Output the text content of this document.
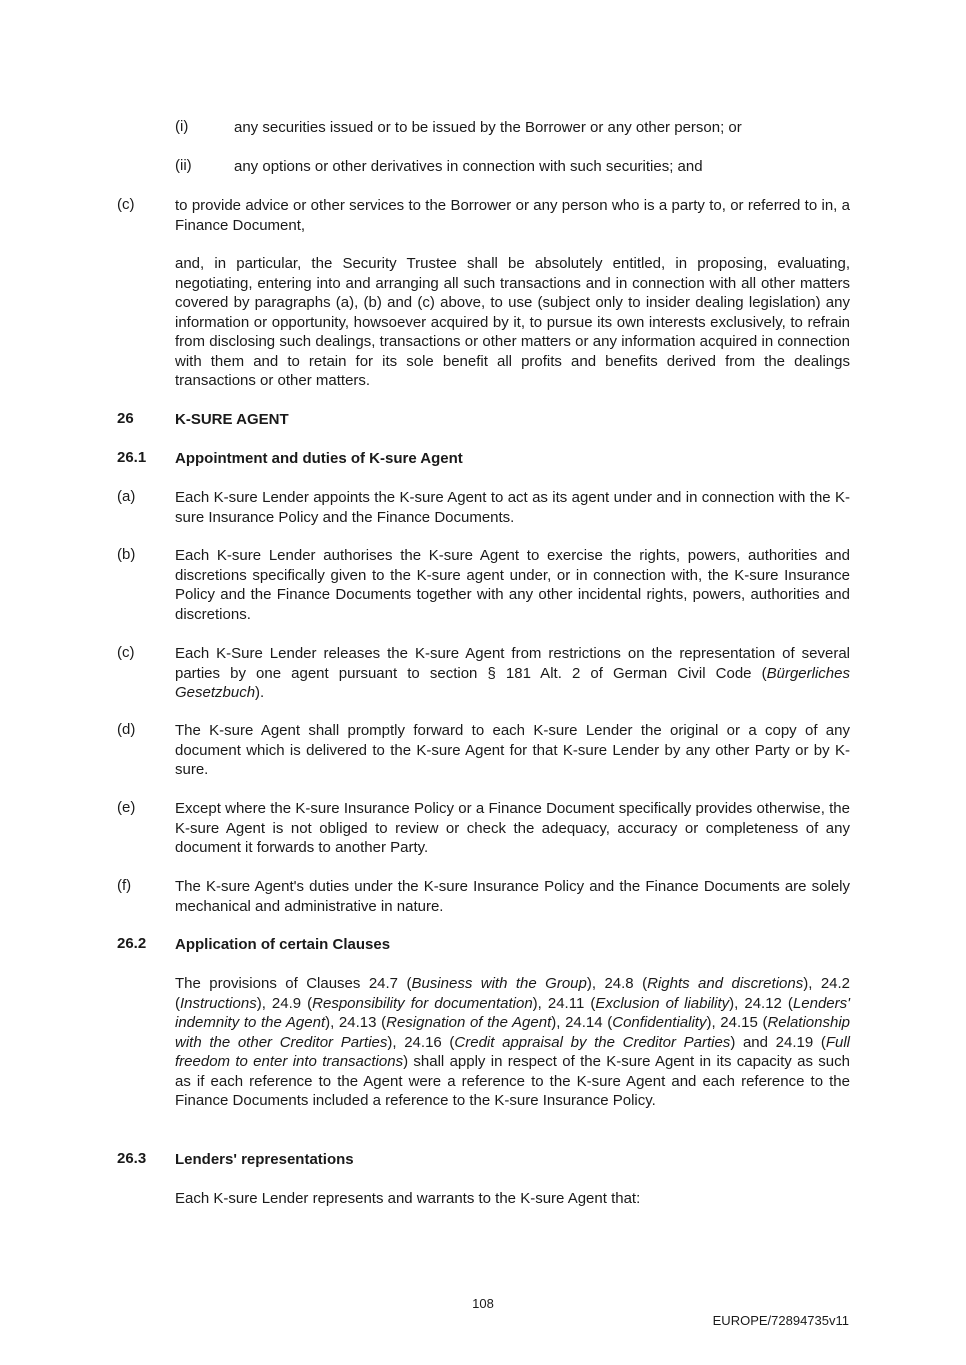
(i)	any securities issued or to be issued by the Borrower or any other person; or
(ii)	any options or other derivatives in connection with such securities; and
(c)	to provide advice or other services to the Borrower or any person who is a party to, or referred to in, a Finance Document,
and, in particular, the Security Trustee shall be absolutely entitled, in proposing, evaluating, negotiating, entering into and arranging all such transactions and in connection with all other matters covered by paragraphs (a), (b) and (c) above, to use (subject only to insider dealing legislation) any information or opportunity, howsoever acquired by it, to pursue its own interests exclusively, to refrain from disclosing such dealings, transactions or other matters or any information acquired in connection with them and to retain for its sole benefit all profits and benefits derived from the dealings transactions or other matters.
26	K-SURE AGENT
26.1 Appointment and duties of K-sure Agent
(a)	Each K-sure Lender appoints the K-sure Agent to act as its agent under and in connection with the K-sure Insurance Policy and the Finance Documents.
(b)	Each K-sure Lender authorises the K-sure Agent to exercise the rights, powers, authorities and discretions specifically given to the K-sure agent under, or in connection with, the K-sure Insurance Policy and the Finance Documents together with any other incidental rights, powers, authorities and discretions.
(c)	Each K-Sure Lender releases the K-sure Agent from restrictions on the representation of several parties by one agent pursuant to section § 181 Alt. 2 of German Civil Code (Bürgerliches Gesetzbuch).
(d)	The K-sure Agent shall promptly forward to each K-sure Lender the original or a copy of any document which is delivered to the K-sure Agent for that K-sure Lender by any other Party or by K-sure.
(e)	Except where the K-sure Insurance Policy or a Finance Document specifically provides otherwise, the K-sure Agent is not obliged to review or check the adequacy, accuracy or completeness of any document it forwards to another Party.
(f)	The K-sure Agent's duties under the K-sure Insurance Policy and the Finance Documents are solely mechanical and administrative in nature.
26.2 Application of certain Clauses
The provisions of Clauses 24.7 (Business with the Group), 24.8 (Rights and discretions), 24.2 (Instructions), 24.9 (Responsibility for documentation), 24.11 (Exclusion of liability), 24.12 (Lenders' indemnity to the Agent), 24.13 (Resignation of the Agent), 24.14 (Confidentiality), 24.15 (Relationship with the other Creditor Parties), 24.16 (Credit appraisal by the Creditor Parties) and 24.19 (Full freedom to enter into transactions) shall apply in respect of the K-sure Agent in its capacity as such as if each reference to the Agent were a reference to the K-sure Agent and each reference to the Finance Documents included a reference to the K-sure Insurance Policy.
26.3 Lenders' representations
Each K-sure Lender represents and warrants to the K-sure Agent that:
108
EUROPE/72894735v11
